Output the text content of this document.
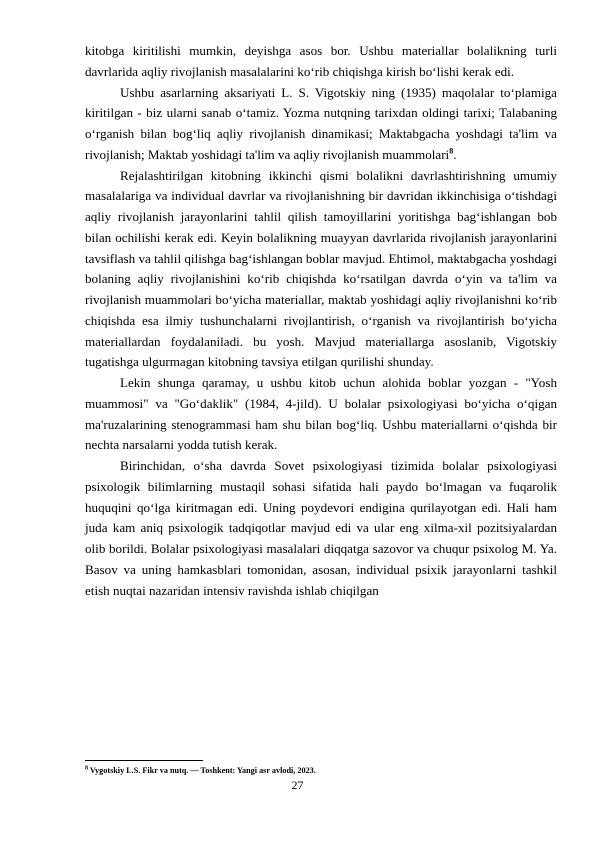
kitobga kiritilishi mumkin, deyishga asos bor. Ushbu materiallar bolalikning turli davrlarida aqliy rivojlanish masalalarini ko‘rib chiqishga kirish bo‘lishi kerak edi.

Ushbu asarlarning aksariyati L. S. Vigotskiy ning (1935) maqolalar to‘plamiga kiritilgan - biz ularni sanab o‘tamiz. Yozma nutqning tarixdan oldingi tarixi; Talabaning o‘rganish bilan bog‘liq aqliy rivojlanish dinamikasi; Maktabgacha yoshdagi ta'lim va rivojlanish; Maktab yoshidagi ta'lim va aqliy rivojlanish muammolari$^8$.

Rejalashtirilgan kitobning ikkinchi qismi bolalikni davrlashtirishning umumiy masalalariga va individual davrlar va rivojlanishning bir davridan ikkinchisiga o‘tishdagi aqliy rivojlanish jarayonlarini tahlil qilish tamoyillarini yoritishga bag‘ishlangan bob bilan ochilishi kerak edi. Keyin bolalikning muayyan davrlarida rivojlanish jarayonlarini tavsiflash va tahlil qilishga bag‘ishlangan boblar mavjud. Ehtimol, maktabgacha yoshdagi bolaning aqliy rivojlanishini ko‘rib chiqishda ko‘rsatilgan davrda o‘yin va ta'lim va rivojlanish muammolari bo‘yicha materiallar, maktab yoshidagi aqliy rivojlanishni ko‘rib chiqishda esa ilmiy tushunchalarni rivojlantirish, o‘rganish va rivojlantirish bo‘yicha materiallardan foydalaniladi. bu yosh. Mavjud materiallarga asoslanib, Vigotskiy tugatishga ulgurmagan kitobning tavsiya etilgan qurilishi shunday.

Lekin shunga qaramay, u ushbu kitob uchun alohida boblar yozgan - "Yosh muammosi" va "Go‘daklik" (1984, 4-jild). U bolalar psixologiyasi bo‘yicha o‘qigan ma'ruzalarining stenogrammasi ham shu bilan bog‘liq. Ushbu materiallarni o‘qishda bir nechta narsalarni yodda tutish kerak.

Birinchidan, o‘sha davrda Sovet psixologiyasi tizimida bolalar psixologiyasi psixologik bilimlarning mustaqil sohasi sifatida hali paydo bo‘lmagan va fuqarolik huquqini qo‘lga kiritmagan edi. Uning poydevori endigina qurilayotgan edi. Hali ham juda kam aniq psixologik tadqiqotlar mavjud edi va ular eng xilma-xil pozitsiyalardan olib borildi. Bolalar psixologiyasi masalalari diqqatga sazovor va chuqur psixolog M. Ya. Basov va uning hamkasblari tomonidan, asosan, individual psixik jarayonlarni tashkil etish nuqtai nazaridan intensiv ravishda ishlab chiqilgan

$^8$ Vygotskiy L.S. Fikr va nutq. — Toshkent: Yangi asr avlodi, 2023.
27
